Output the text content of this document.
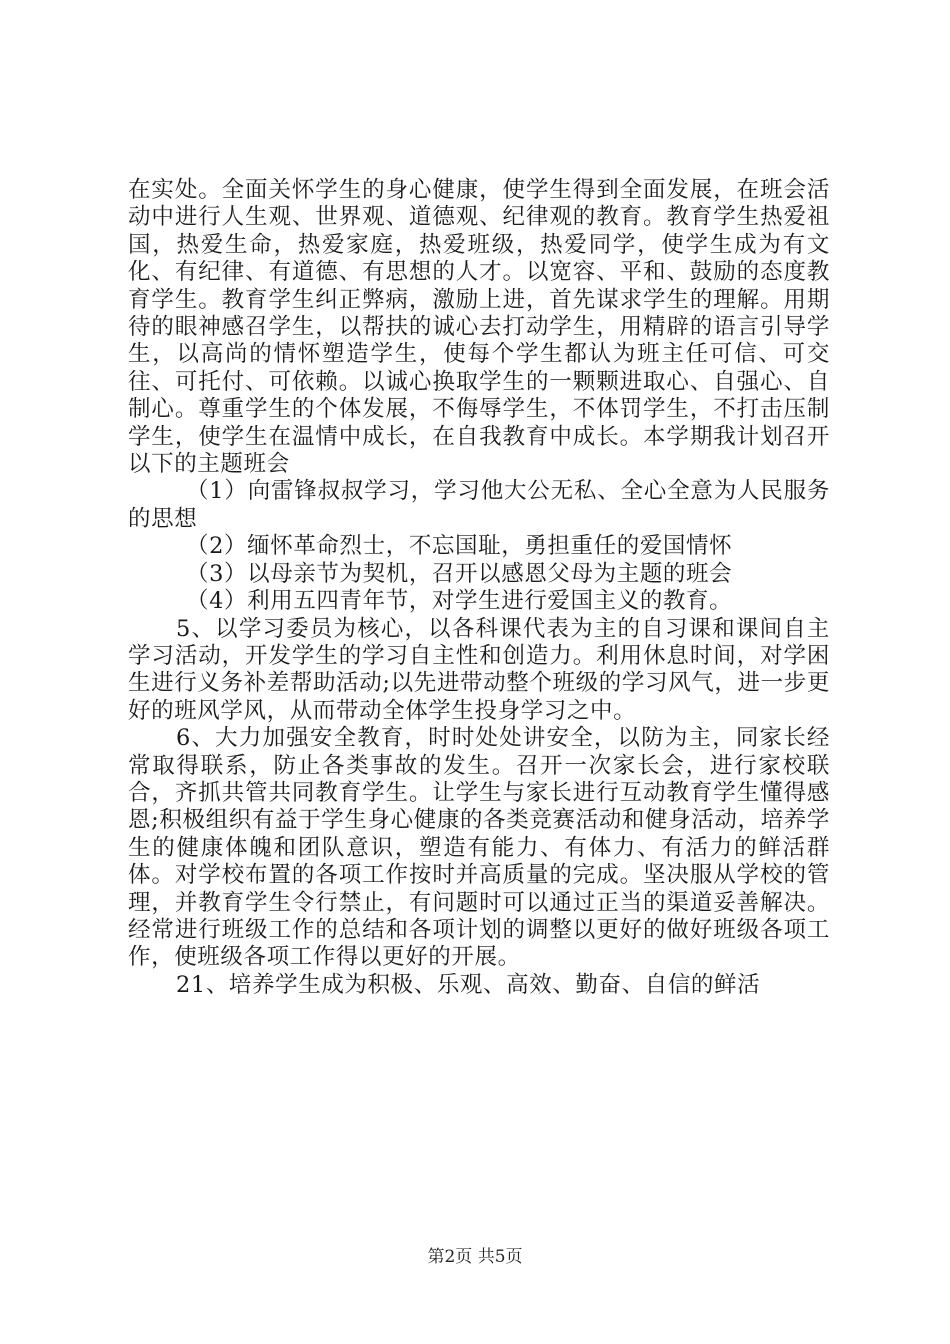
在实处。全面关怀学生的身心健康，使学生得到全面发展，在班会活动中进行人生观、世界观、道德观、纪律观的教育。教育学生热爱祖国，热爱生命，热爱家庭，热爱班级，热爱同学，使学生成为有文化、有纪律、有道德、有思想的人才。以宽容、平和、鼓励的态度教育学生。教育学生纠正弊病，激励上进，首先谋求学生的理解。用期待的眼神感召学生，以帮扶的诚心去打动学生，用精辟的语言引导学生，以高尚的情怀塑造学生，使每个学生都认为班主任可信、可交往、可托付、可依赖。以诚心换取学生的一颗颗进取心、自强心、自制心。尊重学生的个体发展，不侮辱学生，不体罚学生，不打击压制学生，使学生在温情中成长，在自我教育中成长。本学期我计划召开以下的主题班会

（1）向雷锋叔叔学习，学习他大公无私、全心全意为人民服务的思想

（2）缅怀革命烈士，不忘国耻，勇担重任的爱国情怀

（3）以母亲节为契机，召开以感恩父母为主题的班会

（4）利用五四青年节，对学生进行爱国主义的教育。

5、以学习委员为核心，以各科课代表为主的自习课和课间自主学习活动，开发学生的学习自主性和创造力。利用休息时间，对学困生进行义务补差帮助活动;以先进带动整个班级的学习风气，进一步更好的班风学风，从而带动全体学生投身学习之中。

6、大力加强安全教育，时时处处讲安全，以防为主，同家长经常取得联系，防止各类事故的发生。召开一次家长会，进行家校联合，齐抓共管共同教育学生。让学生与家长进行互动教育学生懂得感恩;积极组织有益于学生身心健康的各类竞赛活动和健身活动，培养学生的健康体魄和团队意识，塑造有能力、有体力、有活力的鲜活群体。对学校布置的各项工作按时并高质量的完成。坚决服从学校的管理，并教育学生令行禁止，有问题时可以通过正当的渠道妥善解决。经常进行班级工作的总结和各项计划的调整以更好的做好班级各项工作，使班级各项工作得以更好的开展。

21、培养学生成为积极、乐观、高效、勤奋、自信的鲜活

第2页 共5页
